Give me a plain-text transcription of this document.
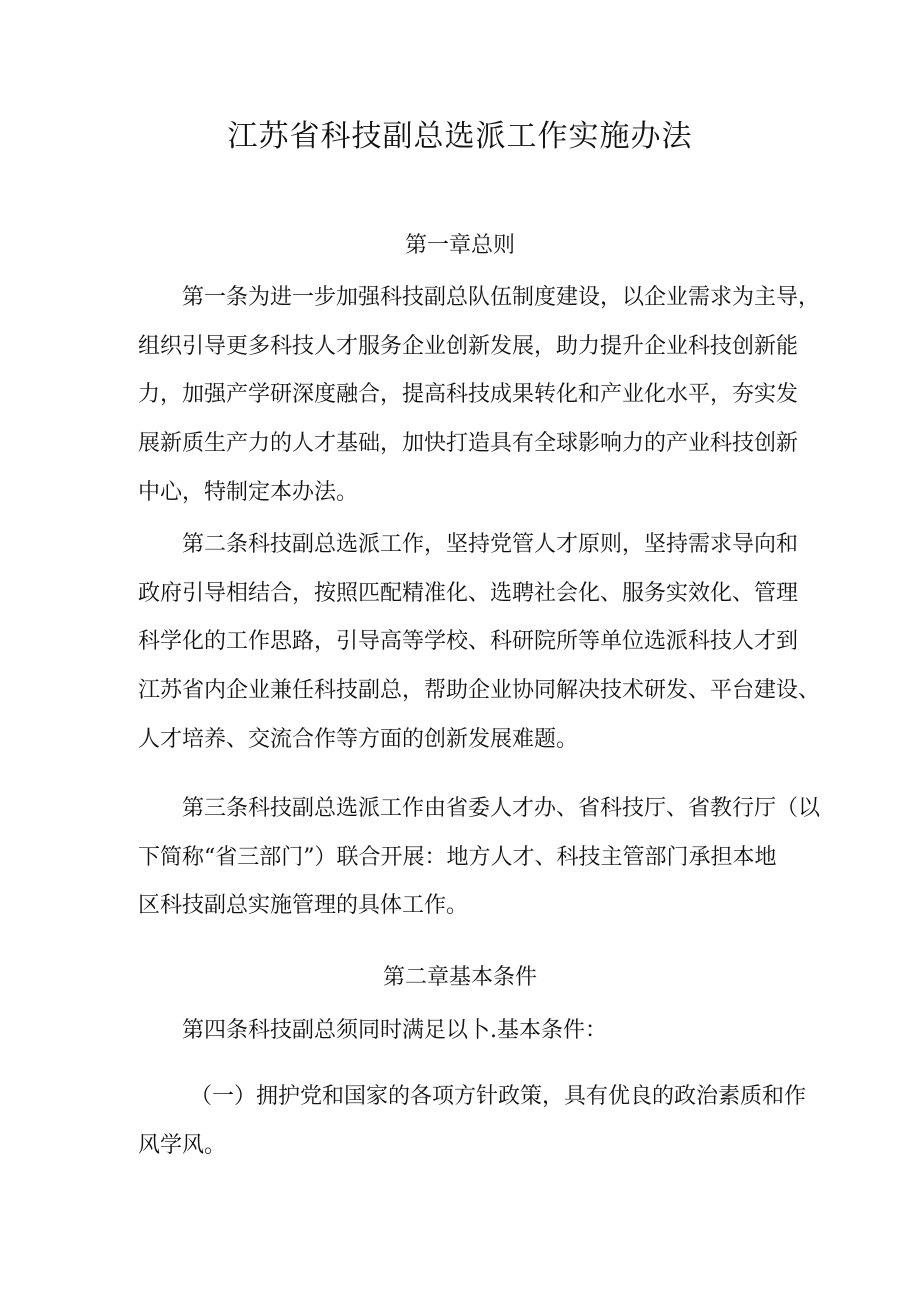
江苏省科技副总选派工作实施办法
第一章总则
第一条为进一步加强科技副总队伍制度建设，以企业需求为主导，
组织引导更多科技人才服务企业创新发展，助力提升企业科技创新能
力，加强产学研深度融合，提高科技成果转化和产业化水平，夯实发
展新质生产力的人才基础，加快打造具有全球影响力的产业科技创新
中心，特制定本办法。
第二条科技副总选派工作，坚持党管人才原则，坚持需求导向和
政府引导相结合，按照匹配精准化、选聘社会化、服务实效化、管理
科学化的工作思路，引导高等学校、科研院所等单位选派科技人才到
江苏省内企业兼任科技副总，帮助企业协同解决技术研发、平台建设、
人才培养、交流合作等方面的创新发展难题。
第三条科技副总选派工作由省委人才办、省科技厅、省教行厅（以
下简称“省三部门”）联合开展：地方人才、科技主管部门承担本地
区科技副总实施管理的具体工作。
第二章基本条件
第四条科技副总须同时满足以卜.基本条件：
（一）拥护党和国家的各项方针政策，具有优良的政治素质和作
风学风。
